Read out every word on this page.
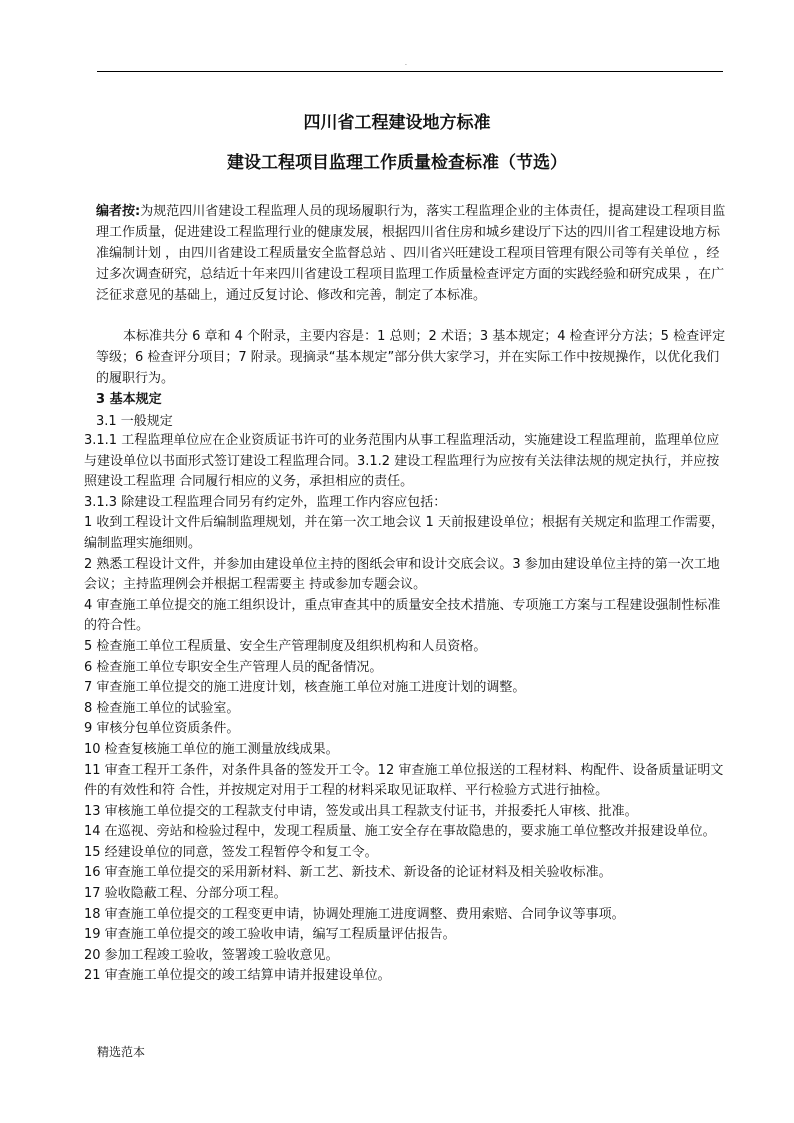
.
四川省工程建设地方标准
建设工程项目监理工作质量检查标准（节选）

编者按:为规范四川省建设工程监理人员的现场履职行为，落实工程监理企业的主体责任，提高建设工程项目监理工作质量，促进建设工程监理行业的健康发展，根据四川省住房和城乡建设厅下达的四川省工程建设地方标准编制计划 ，由四川省建设工程质量安全监督总站 、四川省兴旺建设工程项目管理有限公司等有关单位 ，经过多次调查研究，总结近十年来四川省建设工程项目监理工作质量检查评定方面的实践经验和研究成果 ，在广泛征求意见的基础上，通过反复讨论、修改和完善，制定了本标准。

本标准共分 6 章和 4 个附录，主要内容是：1 总则；2 术语；3 基本规定；4 检查评分方法；5 检查评定等级；6 检查评分项目；7 附录。现摘录“基本规定”部分供大家学习，并在实际工作中按规操作，以优化我们的履职行为。

3 基本规定
3.1 一般规定

3.1.1 工程监理单位应在企业资质证书许可的业务范围内从事工程监理活动，实施建设工程监理前，监理单位应与建设单位以书面形式签订建设工程监理合同。3.1.2 建设工程监理行为应按有关法律法规的规定执行，并应按照建设工程监理 合同履行相应的义务，承担相应的责任。

3.1.3 除建设工程监理合同另有约定外，监理工作内容应包括：

1 收到工程设计文件后编制监理规划，并在第一次工地会议 1 天前报建设单位；根据有关规定和监理工作需要，编制监理实施细则。

2 熟悉工程设计文件，并参加由建设单位主持的图纸会审和设计交底会议。3 参加由建设单位主持的第一次工地会议；主持监理例会并根据工程需要主 持或参加专题会议。

4 审查施工单位提交的施工组织设计，重点审查其中的质量安全技术措施、专项施工方案与工程建设强制性标准的符合性。

5 检查施工单位工程质量、安全生产管理制度及组织机构和人员资格。

6 检查施工单位专职安全生产管理人员的配备情况。

7 审查施工单位提交的施工进度计划，核查施工单位对施工进度计划的调整。

8 检查施工单位的试验室。

9 审核分包单位资质条件。

10 检查复核施工单位的施工测量放线成果。

11 审查工程开工条件，对条件具备的签发开工令。12 审查施工单位报送的工程材料、构配件、设备质量证明文件的有效性和符 合性，并按规定对用于工程的材料采取见证取样、平行检验方式进行抽检。

13 审核施工单位提交的工程款支付申请，签发或出具工程款支付证书，并报委托人审核、批准。

14 在巡视、旁站和检验过程中，发现工程质量、施工安全存在事故隐患的，要求施工单位整改并报建设单位。

15 经建设单位的同意，签发工程暂停令和复工令。

16 审查施工单位提交的采用新材料、新工艺、新技术、新设备的论证材料及相关验收标准。

17 验收隐蔽工程、分部分项工程。

18 审查施工单位提交的工程变更申请，协调处理施工进度调整、费用索赔、合同争议等事项。

19 审查施工单位提交的竣工验收申请，编写工程质量评估报告。

20 参加工程竣工验收，签署竣工验收意见。

21 审查施工单位提交的竣工结算申请并报建设单位。

精选范本
